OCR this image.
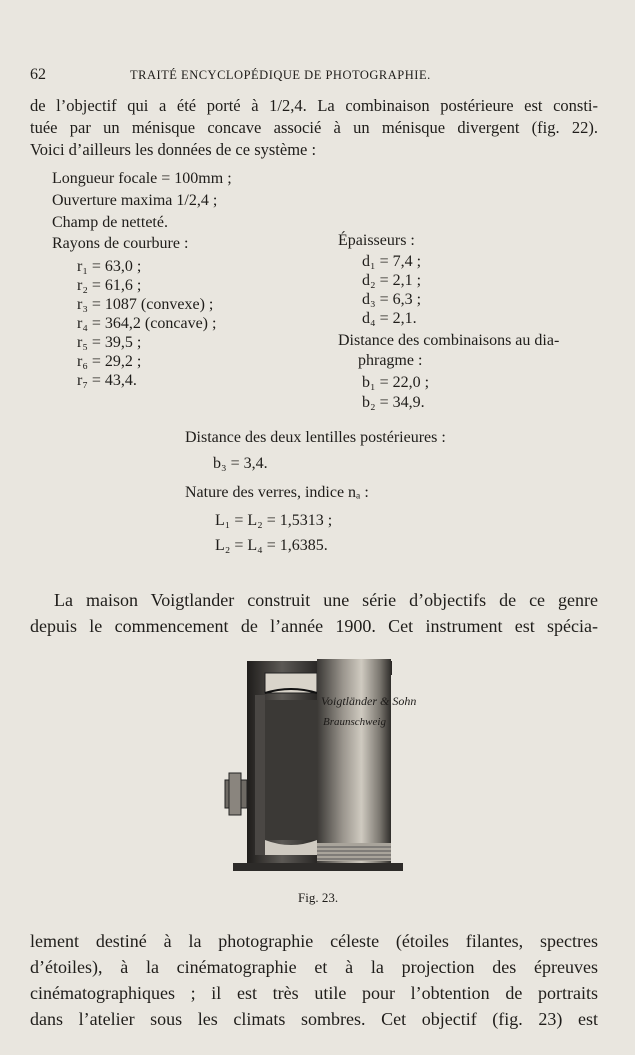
62	TRAITÉ ENCYCLOPÉDIQUE DE PHOTOGRAPHIE.
de l’objectif qui a été porté à 1/2,4. La combinaison postérieure est consti-
tuée par un ménisque concave associé à un ménisque divergent (fig. 22).
Voici d’ailleurs les données de ce système :
Longueur focale = 100mm ;
Ouverture maxima 1/2,4 ;
Champ de netteté.
Rayons de courbure :
r₁ = 63,0 ;
r₂ = 61,6 ;
r₃ = 1087 (convexe) ;
r₄ = 364,2 (concave) ;
r₅ = 39,5 ;
r₆ = 29,2 ;
r₇ = 43,4.
Épaisseurs :
d₁ = 7,4 ;
d₂ = 2,1 ;
d₃ = 6,3 ;
d₄ = 2,1.
Distance des combinaisons au dia-
phragme :
b₁ = 22,0 ;
b₂ = 34,9.
Distance des deux lentilles postérieures :
b₃ = 3,4.
Nature des verres, indice nₐ :
L₁ = L₂ = 1,5313 ;
L₂ = L₄ = 1,6385.
La maison Voigtlander construit une série d’objectifs de ce genre
depuis le commencement de l’année 1900. Cet instrument est spécia-
Voigtländer & Sohn
Braunschweig
Fig. 23.
lement destiné à la photographie céleste (étoiles filantes, spectres
d’étoiles), à la cinématographie et à la projection des épreuves
cinématographiques ; il est très utile pour l’obtention de portraits
dans l’atelier sous les climats sombres. Cet objectif (fig. 23) est
